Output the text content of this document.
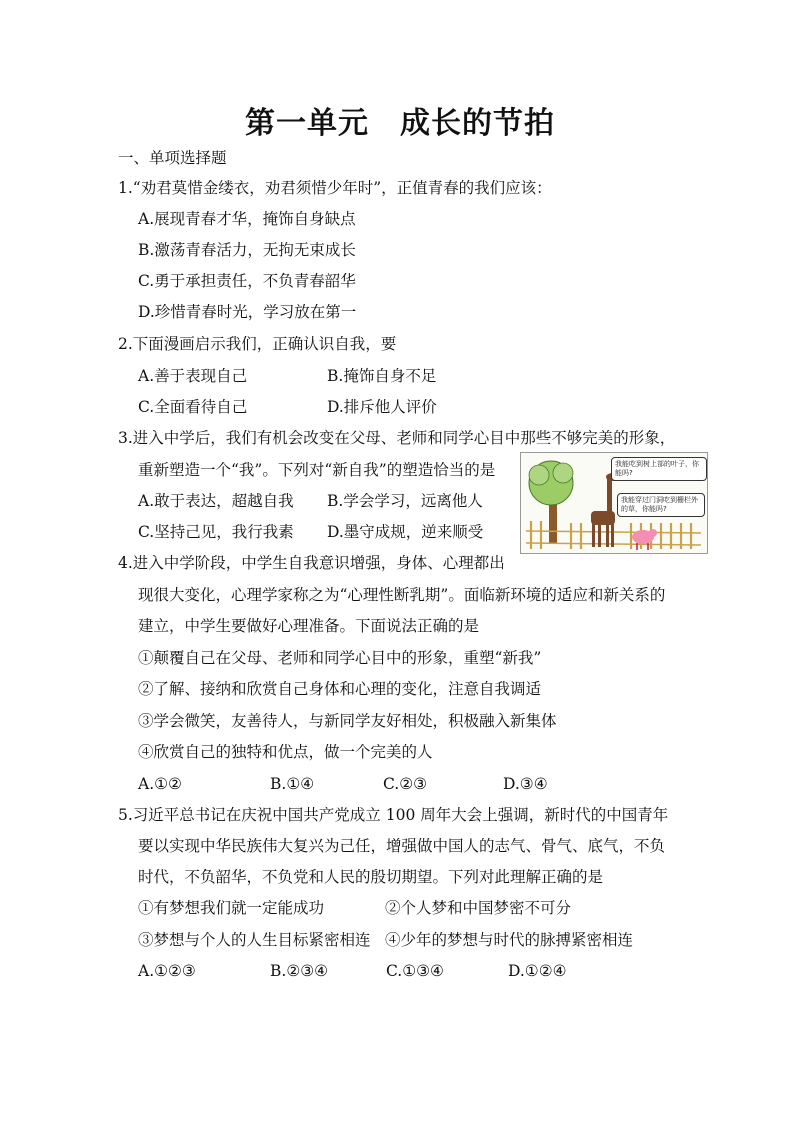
第一单元　成长的节拍
一、单项选择题
1.“劝君莫惜金缕衣，劝君须惜少年时”，正值青春的我们应该：
A.展现青春才华，掩饰自身缺点
B.激荡青春活力，无拘无束成长
C.勇于承担责任，不负青春韶华
D.珍惜青春时光，学习放在第一
2.下面漫画启示我们，正确认识自我，要
A.善于表现自己	B.掩饰自身不足
C.全面看待自己	D.排斥他人评价
3.进入中学后，我们有机会改变在父母、老师和同学心目中那些不够完美的形象，
重新塑造一个“我”。下列对“新自我”的塑造恰当的是
A.敢于表达，超越自我 B.学会学习，远离他人
C.坚持己见，我行我素 D.墨守成规，逆来顺受
我能吃到树上部的叶子，你能吗?
我能穿过门洞吃到栅栏外的草，你能吗?
4.进入中学阶段，中学生自我意识增强，身体、心理都出
现很大变化，心理学家称之为“心理性断乳期”。面临新环境的适应和新关系的
建立，中学生要做好心理准备。下面说法正确的是
①颠覆自己在父母、老师和同学心目中的形象，重塑“新我”
②了解、接纳和欣赏自己身体和心理的变化，注意自我调适
③学会微笑，友善待人，与新同学友好相处，积极融入新集体
④欣赏自己的独特和优点，做一个完美的人
A.①②	B.①④	C.②③	D.③④
5.习近平总书记在庆祝中国共产党成立 100 周年大会上强调，新时代的中国青年
要以实现中华民族伟大复兴为己任，增强做中国人的志气、骨气、底气，不负
时代，不负韶华，不负党和人民的殷切期望。下列对此理解正确的是
①有梦想我们就一定能成功	②个人梦和中国梦密不可分
③梦想与个人的人生目标紧密相连 ④少年的梦想与时代的脉搏紧密相连
A.①②③	B.②③④	C.①③④	D.①②④
